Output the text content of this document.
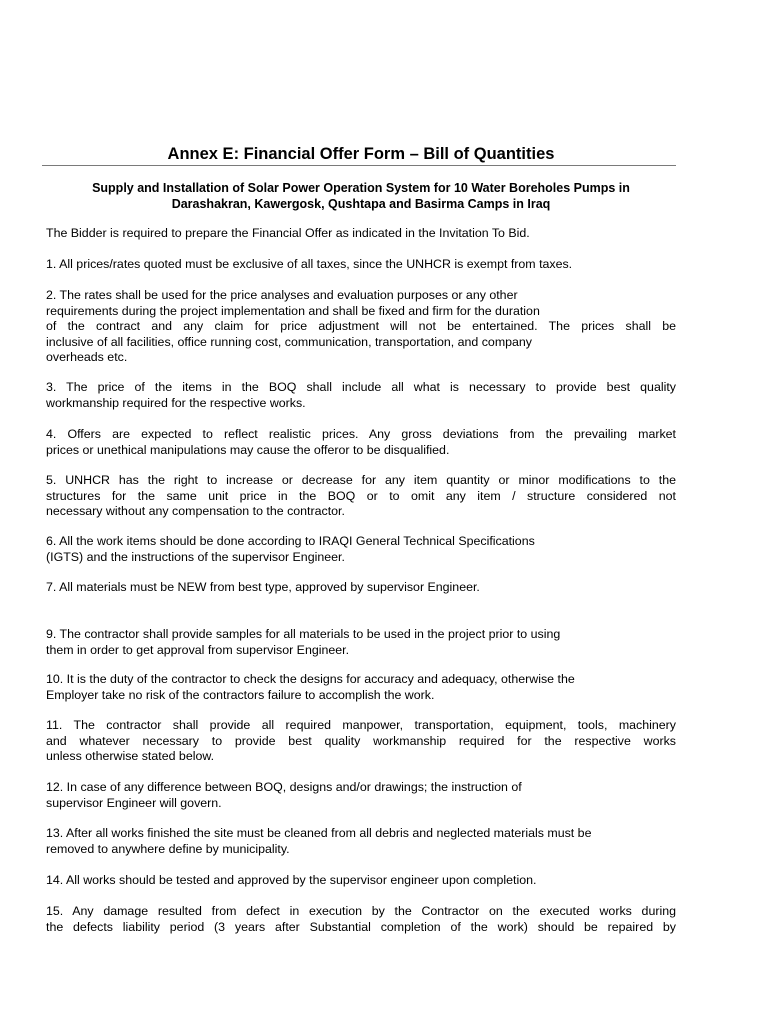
Annex E: Financial Offer Form – Bill of Quantities
Supply and Installation of Solar Power Operation System for 10 Water Boreholes Pumps in
Darashakran, Kawergosk, Qushtapa and Basirma Camps in Iraq

The Bidder is required to prepare the Financial Offer as indicated in the Invitation To Bid.

1. All prices/rates quoted must be exclusive of all taxes, since the UNHCR is exempt from taxes.

2. The rates shall be used for the price analyses and evaluation purposes or any other
requirements during the project implementation and shall be fixed and firm for the duration
of the contract and any claim for price adjustment will not be entertained. The prices shall be
inclusive of all facilities, office running cost, communication, transportation, and company
overheads etc.

3. The price of the items in the BOQ shall include all what is necessary to provide best quality
workmanship required for the respective works.

4. Offers are expected to reflect realistic prices. Any gross deviations from the prevailing market
prices or unethical manipulations may cause the offeror to be disqualified.

5. UNHCR has the right to increase or decrease for any item quantity or minor modifications to the
structures for the same unit price in the BOQ or to omit any item / structure considered not
necessary without any compensation to the contractor.

6. All the work items should be done according to IRAQI General Technical Specifications
(IGTS) and the instructions of the supervisor Engineer.

7. All materials must be NEW from best type, approved by supervisor Engineer.

9. The contractor shall provide samples for all materials to be used in the project prior to using
them in order to get approval from supervisor Engineer.

10. It is the duty of the contractor to check the designs for accuracy and adequacy, otherwise the
Employer take no risk of the contractors failure to accomplish the work.

11. The contractor shall provide all required manpower, transportation, equipment, tools, machinery
and whatever necessary to provide best quality workmanship required for the respective works
unless otherwise stated below.

12. In case of any difference between BOQ, designs and/or drawings; the instruction of
supervisor Engineer will govern.

13. After all works finished the site must be cleaned from all debris and neglected materials must be
removed to anywhere define by municipality.

14. All works should be tested and approved by the supervisor engineer upon completion.

15. Any damage resulted from defect in execution by the Contractor on the executed works during
the defects liability period (3 years after Substantial completion of the work) should be repaired by
